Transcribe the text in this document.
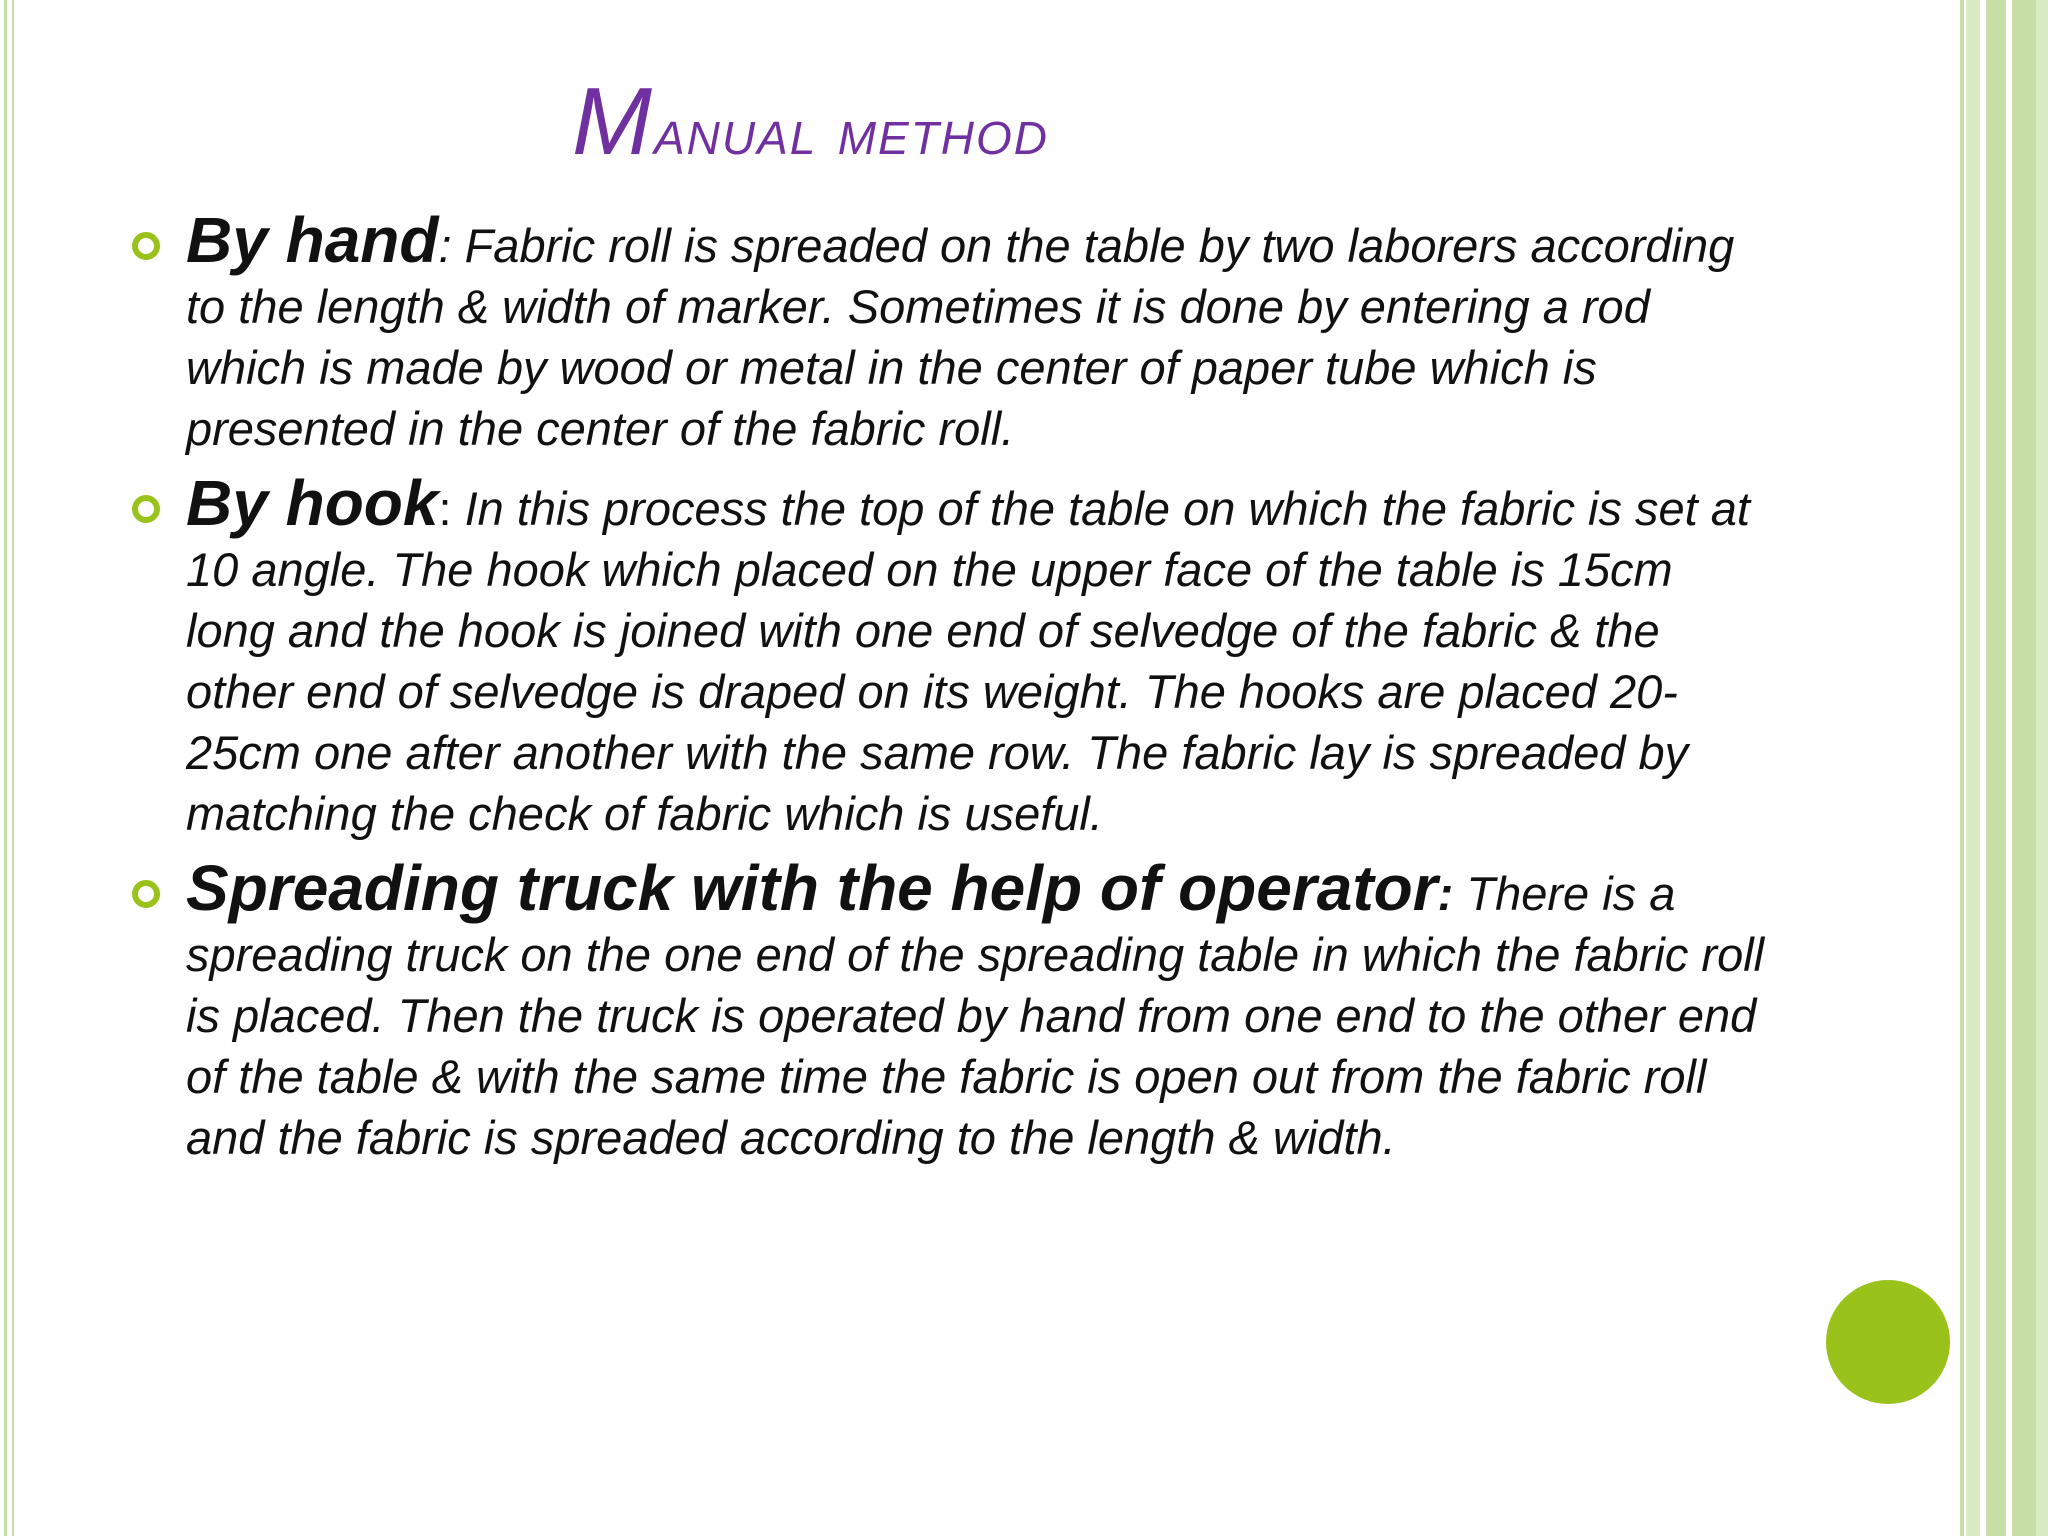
Manual method
By hand: Fabric roll is spreaded on the table by two laborers according to the length & width of marker. Sometimes it is done by entering a rod which is made by wood or metal in the center of paper tube which is presented in the center of the fabric roll.
By hook: In this process the top of the table on which the fabric is set at 10 angle. The hook which placed on the upper face of the table is 15cm long and the hook is joined with one end of selvedge of the fabric & the other end of selvedge is draped on its weight. The hooks are placed 20-25cm one after another with the same row. The fabric lay is spreaded by matching the check of fabric which is useful.
Spreading truck with the help of operator: There is a spreading truck on the one end of the spreading table in which the fabric roll is placed. Then the truck is operated by hand from one end to the other end of the table & with the same time the fabric is open out from the fabric roll and the fabric is spreaded according to the length & width.
